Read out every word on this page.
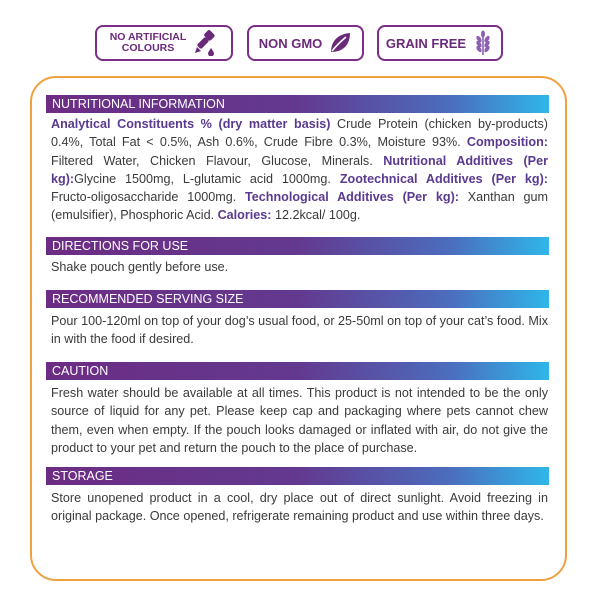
NO ARTIFICIAL
COLOURS	NON GMO	GRAIN FREE
NUTRITIONAL INFORMATION
Analytical Constituents % (dry matter basis) Crude Protein (chicken by-products) 0.4%, Total Fat < 0.5%, Ash 0.6%, Crude Fibre 0.3%, Moisture 93%. Composition: Filtered Water, Chicken Flavour, Glucose, Minerals. Nutritional Additives (Per kg):Glycine 1500mg, L-glutamic acid 1000mg. Zootechnical Additives (Per kg): Fructo-oligosaccharide 1000mg. Technological Additives (Per kg): Xanthan gum (emulsifier), Phosphoric Acid. Calories: 12.2kcal/ 100g.
DIRECTIONS FOR USE
Shake pouch gently before use.
RECOMMENDED SERVING SIZE
Pour 100-120ml on top of your dog’s usual food, or 25-50ml on top of your cat’s food. Mix in with the food if desired.
CAUTION
Fresh water should be available at all times. This product is not intended to be the only source of liquid for any pet. Please keep cap and packaging where pets cannot chew them, even when empty. If the pouch looks damaged or inflated with air, do not give the product to your pet and return the pouch to the place of purchase.
STORAGE
Store unopened product in a cool, dry place out of direct sunlight. Avoid freezing in original package. Once opened, refrigerate remaining product and use within three days.
